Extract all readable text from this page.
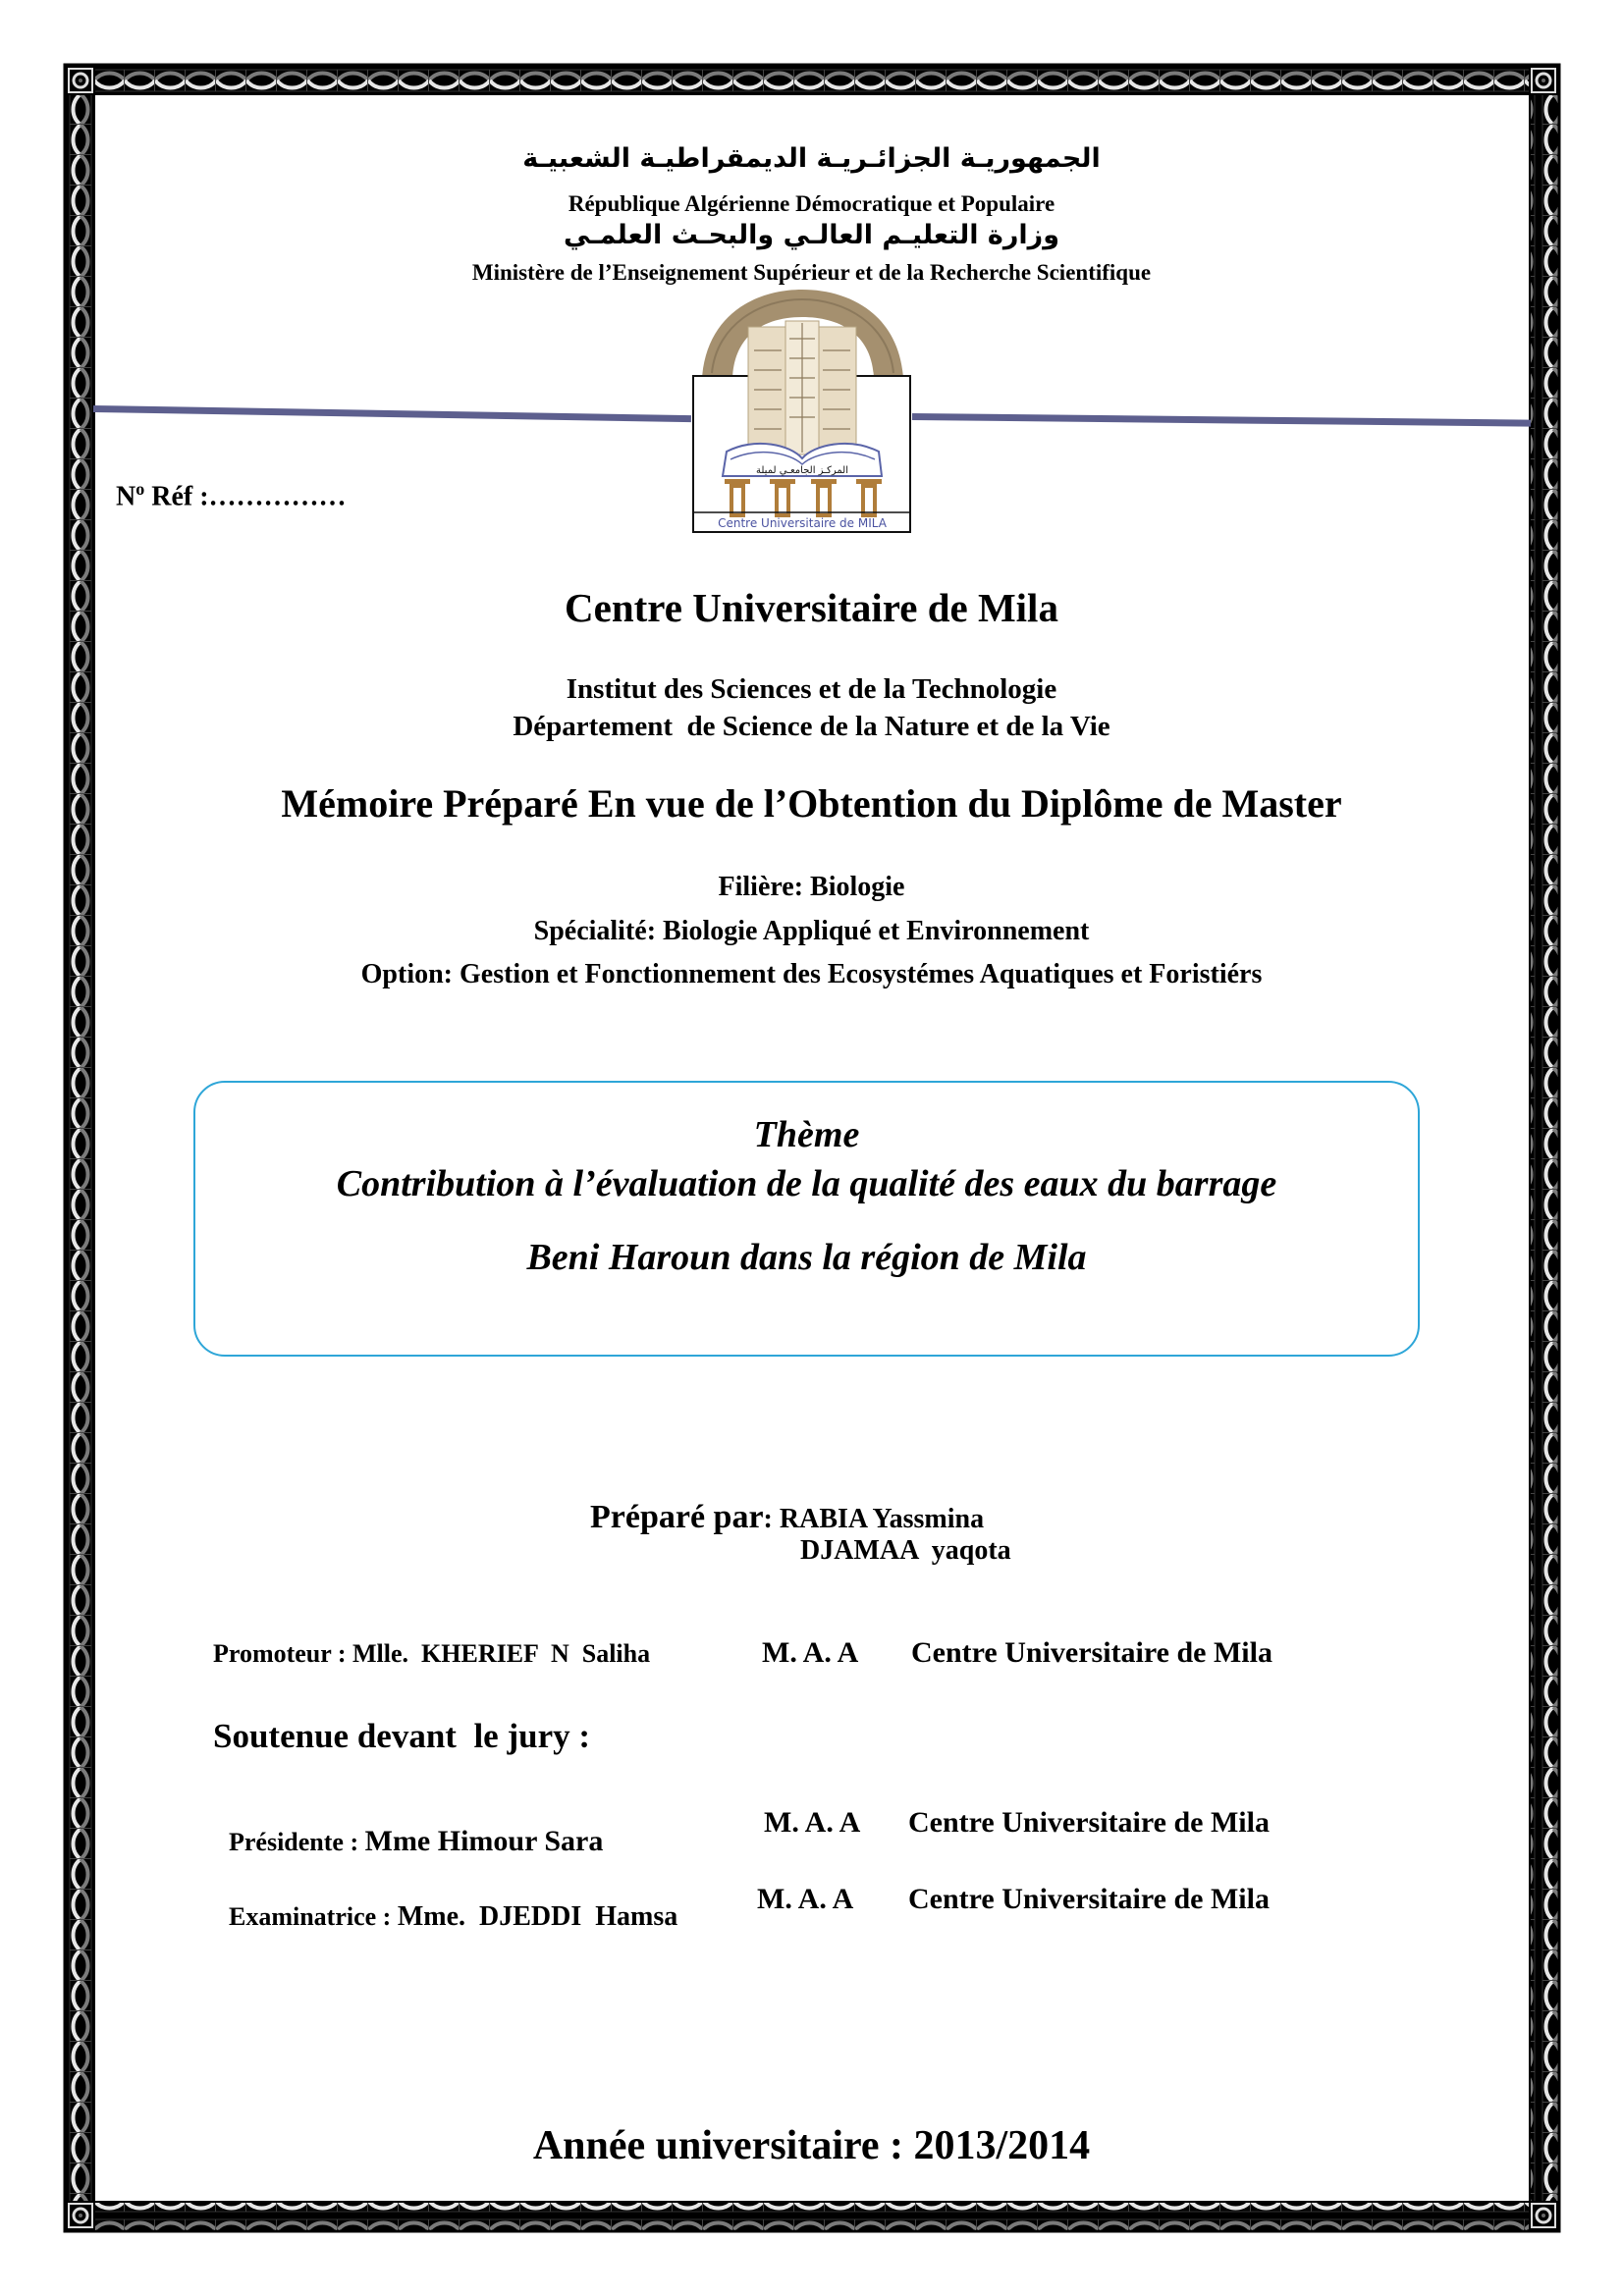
الجمهوريـة الجزائـريـة الديمقراطيـة الشعبيـة
République Algérienne Démocratique et Populaire
وزارة التعليـم العالـي والبحـث العلمـي
Ministère de l’Enseignement Supérieur et de la Recherche Scientifique
المركـز الجامعـي لميلة
Centre Universitaire de MILA
$N^o$ Réf :……………
Centre Universitaire de Mila
Institut des Sciences et de la Technologie
Département  de Science de la Nature et de la Vie
Mémoire Préparé En vue de l’Obtention du Diplôme de Master
Filière: Biologie
Spécialité: Biologie Appliqué et Environnement
Option: Gestion et Fonctionnement des Ecosystémes Aquatiques et Foristiérs
Thème
Contribution à l’évaluation de la qualité des eaux du barrage
Beni Haroun dans la région de Mila

Préparé par: RABIA Yassmina

DJAMAA  yaqota
Promoteur : Mlle.  KHERIEF  N  Saliha	M. A. A Centre Universitaire de Mila
Soutenue devant  le jury :

Présidente : Mme Himour Sara

M. A. A Centre Universitaire de Mila

Examinatrice : Mme.  DJEDDI  Hamsa

M. A. A Centre Universitaire de Mila
Année universitaire : 2013/2014
